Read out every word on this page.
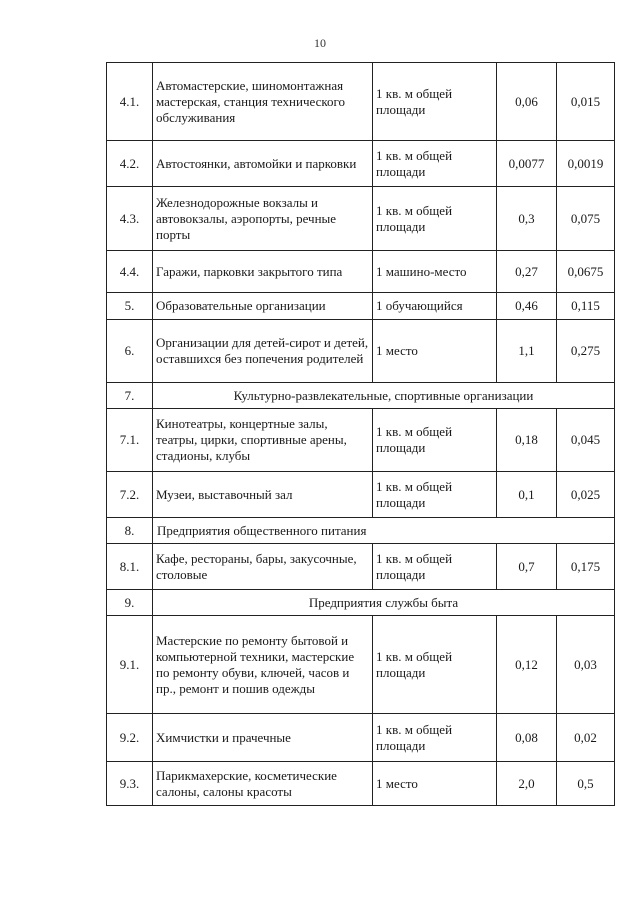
10
4.1.	Автомастерские, шиномонтажная мастерская, станция технического обслуживания	1 кв. м общей площади	0,06	0,015
4.2.	Автостоянки, автомойки и парковки	1 кв. м общей площади	0,0077	0,0019
4.3.	Железнодорожные вокзалы и автовокзалы, аэропорты, речные порты	1 кв. м общей площади	0,3	0,075
4.4.	Гаражи, парковки закрытого типа	1 машино-место	0,27	0,0675
5.	Образовательные организации	1 обучающийся	0,46	0,115
6.	Организации для детей-сирот и детей, оставшихся без попечения родителей	1 место	1,1	0,275
7.	Культурно-развлекательные, спортивные организации			
7.1.	Кинотеатры, концертные залы, театры, цирки, спортивные арены, стадионы, клубы	1 кв. м общей площади	0,18	0,045
7.2.	Музеи, выставочный зал	1 кв. м общей площади	0,1	0,025
8.	Предприятия общественного питания			
8.1.	Кафе, рестораны, бары, закусочные, столовые	1 кв. м общей площади	0,7	0,175
9.	Предприятия службы быта			
9.1.	Мастерские по ремонту бытовой и компьютерной техники, мастерские по ремонту обуви, ключей, часов и пр., ремонт и пошив одежды	1 кв. м общей площади	0,12	0,03
9.2.	Химчистки и прачечные	1 кв. м общей площади	0,08	0,02
9.3.	Парикмахерские, косметические салоны, салоны красоты	1 место	2,0	0,5
